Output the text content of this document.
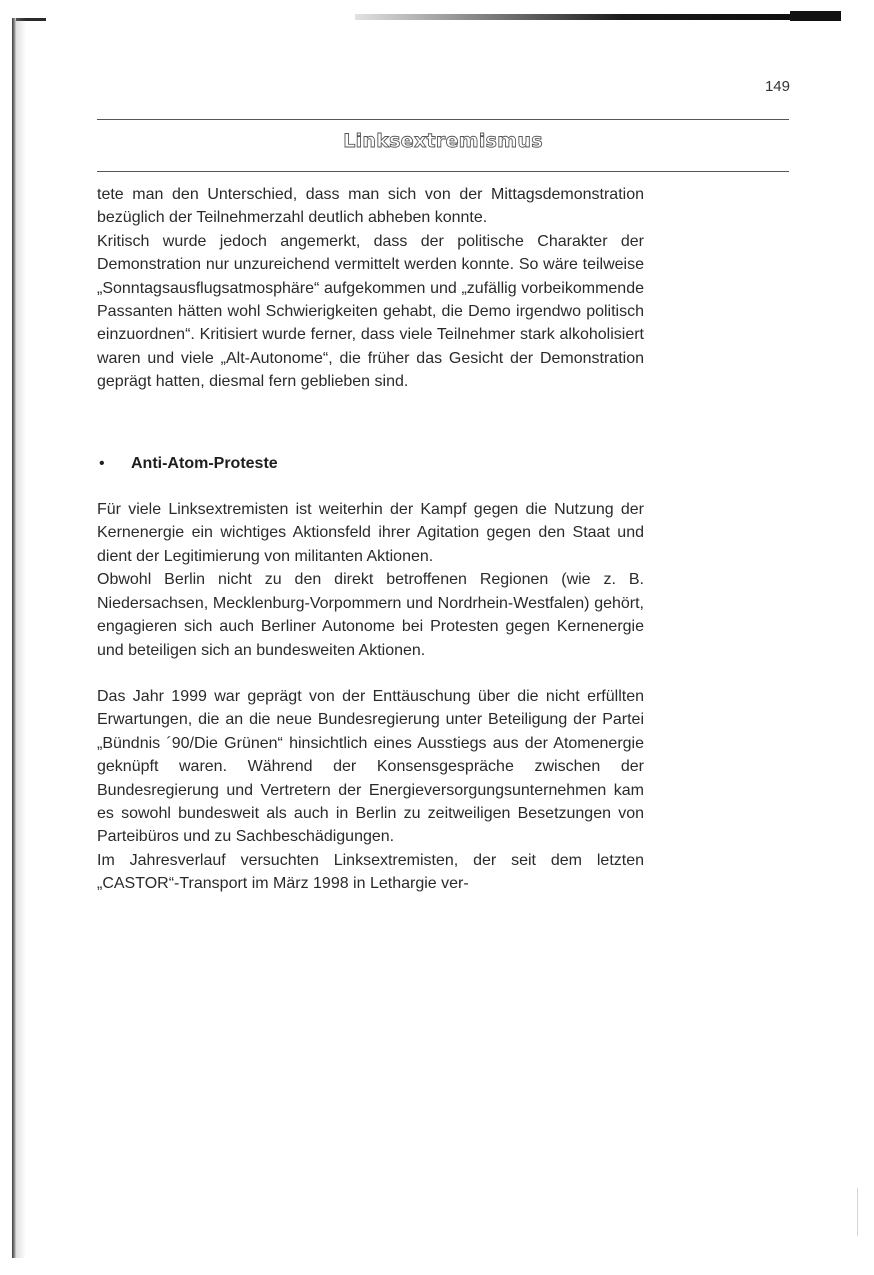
149
Linksextremismus

tete man den Unterschied, dass man sich von der Mittagsdemonstration bezüglich der Teilnehmerzahl deutlich abheben konnte.

Kritisch wurde jedoch angemerkt, dass der politische Charakter der Demonstration nur unzureichend vermittelt werden konnte. So wäre teilweise „Sonntagsausflugsatmosphäre“ aufgekommen und „zufällig vorbeikommende Passanten hätten wohl Schwierigkeiten gehabt, die Demo irgendwo politisch einzuordnen“. Kritisiert wurde ferner, dass viele Teilnehmer stark alkoholisiert waren und viele „Alt-Autonome“, die früher das Gesicht der Demonstration geprägt hatten, diesmal fern geblieben sind.

•	Anti-Atom-Proteste

Für viele Linksextremisten ist weiterhin der Kampf gegen die Nutzung der Kernenergie ein wichtiges Aktionsfeld ihrer Agitation gegen den Staat und dient der Legitimierung von militanten Aktionen.

Obwohl Berlin nicht zu den direkt betroffenen Regionen (wie z. B. Niedersachsen, Mecklenburg-Vorpommern und Nordrhein-Westfalen) gehört, engagieren sich auch Berliner Autonome bei Protesten gegen Kernenergie und beteiligen sich an bundesweiten Aktionen.

Das Jahr 1999 war geprägt von der Enttäuschung über die nicht erfüllten Erwartungen, die an die neue Bundesregierung unter Beteiligung der Partei „Bündnis ´90/Die Grünen“ hinsichtlich eines Ausstiegs aus der Atomenergie geknüpft waren. Während der Konsensgespräche zwischen der Bundesregierung und Vertretern der Energieversorgungsunternehmen kam es sowohl bundesweit als auch in Berlin zu zeitweiligen Besetzungen von Parteibüros und zu Sachbeschädigungen.

Im Jahresverlauf versuchten Linksextremisten, der seit dem letzten „CASTOR“-Transport im März 1998 in Lethargie ver-
